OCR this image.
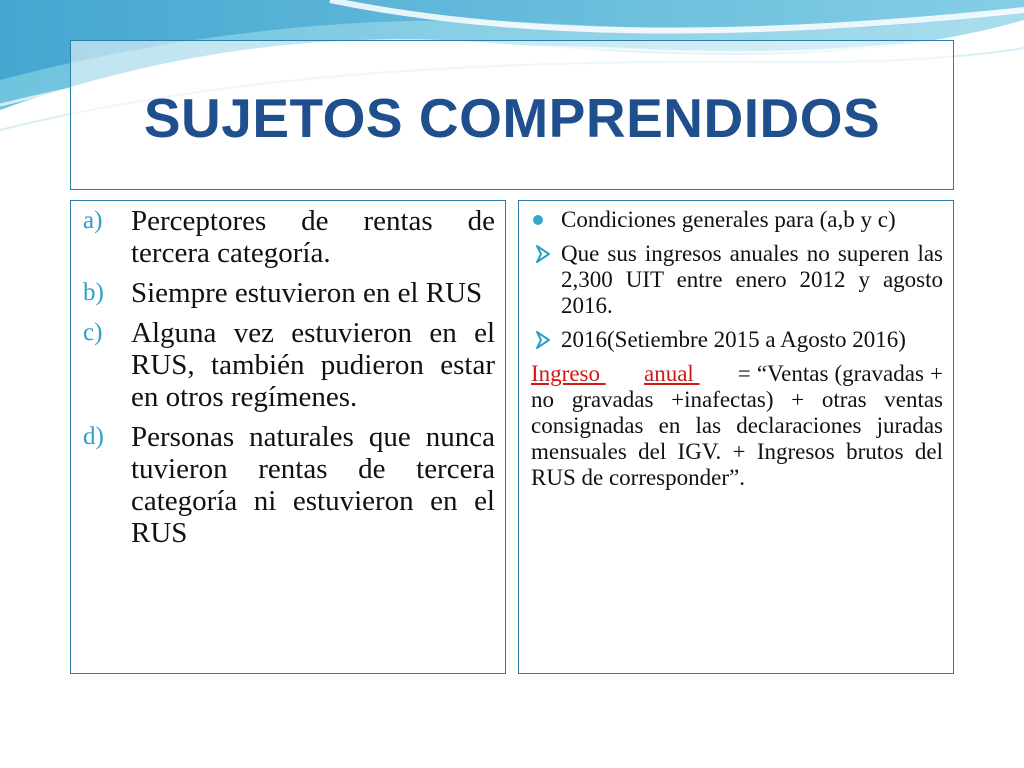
SUJETOS COMPRENDIDOS
a) Perceptores de rentas de tercera categoría.
b) Siempre estuvieron en el RUS
c) Alguna vez estuvieron en el RUS, también pudieron estar en otros regímenes.
d) Personas naturales que nunca tuvieron rentas de tercera categoría ni estuvieron en el RUS
Condiciones generales para (a,b y c)
Que sus ingresos anuales no superen las 2,300 UIT entre enero 2012 y agosto 2016.
2016(Setiembre 2015 a Agosto 2016)
Ingreso anual = “Ventas (gravadas + no gravadas +inafectas) + otras ventas consignadas en las declaraciones juradas mensuales del IGV. + Ingresos brutos del RUS de corresponder”.
